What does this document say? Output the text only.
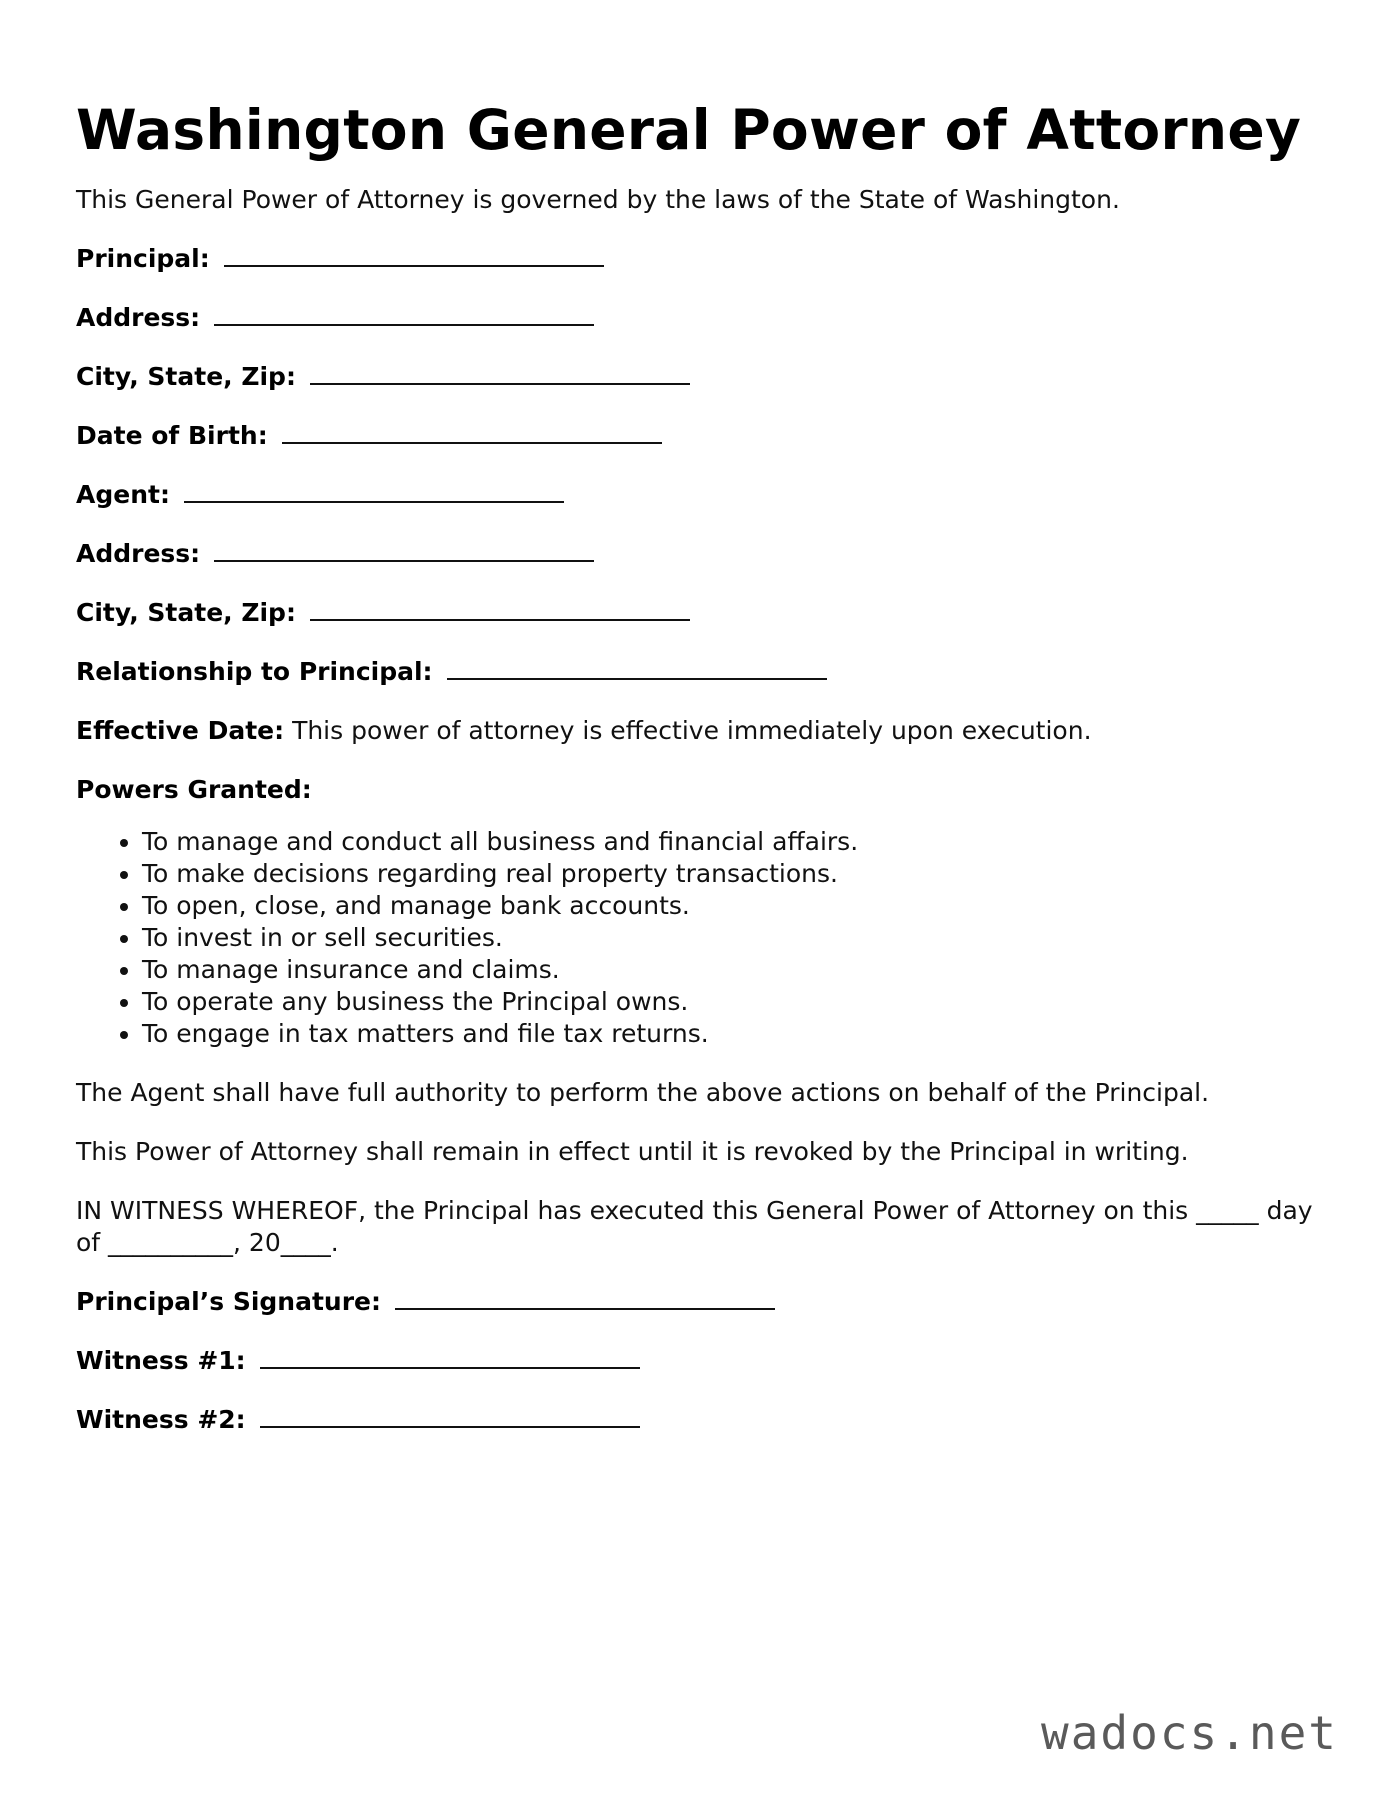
Washington General Power of Attorney

This General Power of Attorney is governed by the laws of the State of Washington.

Principal:

Address:

City, State, Zip:

Date of Birth:

Agent:

Address:

City, State, Zip:

Relationship to Principal:

Effective Date: This power of attorney is effective immediately upon execution.

Powers Granted:

• To manage and conduct all business and financial affairs.
• To make decisions regarding real property transactions.
• To open, close, and manage bank accounts.
• To invest in or sell securities.
• To manage insurance and claims.
• To operate any business the Principal owns.
• To engage in tax matters and file tax returns.

The Agent shall have full authority to perform the above actions on behalf of the Principal.

This Power of Attorney shall remain in effect until it is revoked by the Principal in writing.

IN WITNESS WHEREOF, the Principal has executed this General Power of Attorney on this _____ day of __________, 20____.

Principal’s Signature:

Witness #1:

Witness #2:

wadocs.net
